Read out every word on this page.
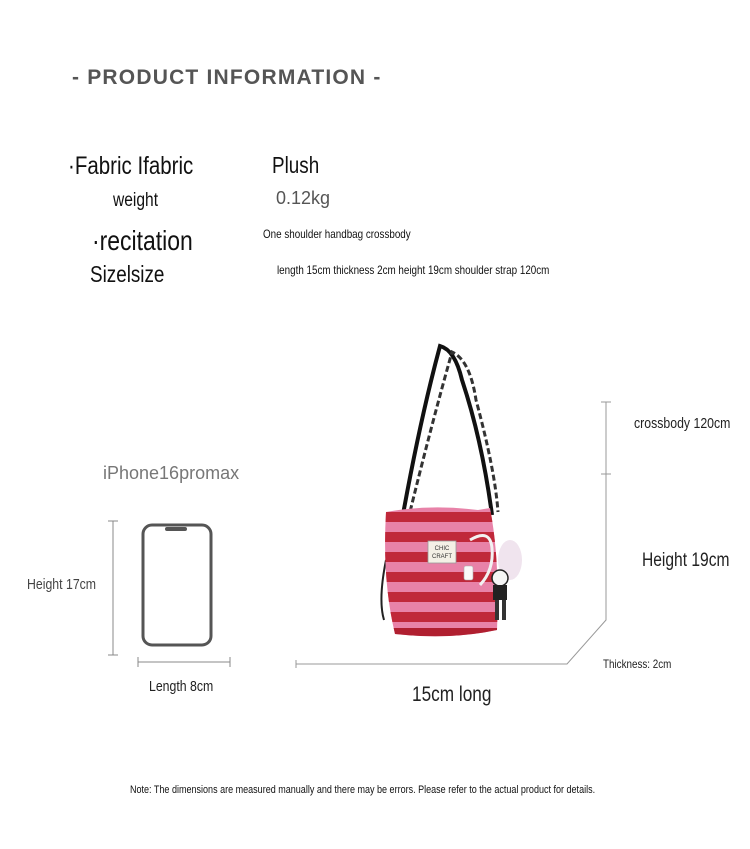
- PRODUCT INFORMATION -
·Fabric Ifabric	Plush
weight	0.12kg
·recitation	One shoulder handbag crossbody
Sizelsize	length 15cm thickness 2cm height 19cm shoulder strap 120cm
CHIC
CRAFT
iPhone16promax
Height 17cm
Length 8cm
crossbody 120cm
Height 19cm
Thickness: 2cm
15cm long
Note: The dimensions are measured manually and there may be errors. Please refer to the actual product for details.
